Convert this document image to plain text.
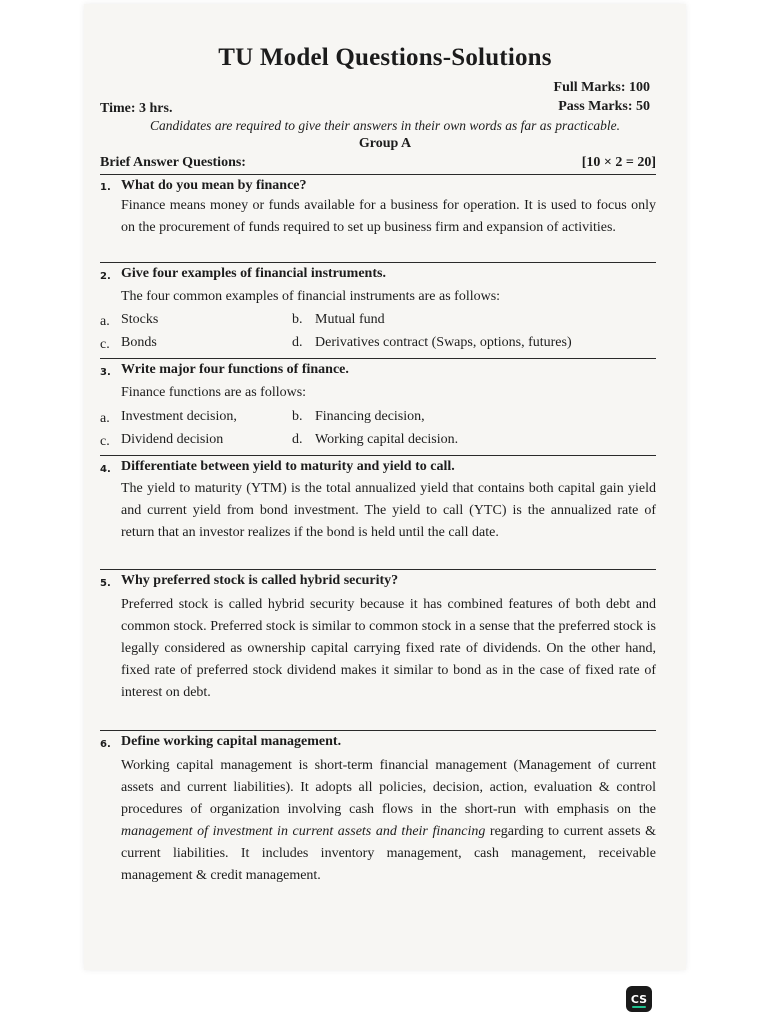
TU Model Questions-Solutions
Full Marks: 100
Time: 3 hrs.	Pass Marks: 50
Candidates are required to give their answers in their own words as far as practicable.
Group A
Brief Answer Questions:	[10 × 2 = 20]
1. What do you mean by finance?
Finance means money or funds available for a business for operation. It is used to focus only on the procurement of funds required to set up business firm and expansion of activities.
2. Give four examples of financial instruments.
The four common examples of financial instruments are as follows:
a. Stocks	b. Mutual fund
c. Bonds	d. Derivatives contract (Swaps, options, futures)
3. Write major four functions of finance.
Finance functions are as follows:
a. Investment decision,	b. Financing decision,
c. Dividend decision	d. Working capital decision.
4. Differentiate between yield to maturity and yield to call.
The yield to maturity (YTM) is the total annualized yield that contains both capital gain yield and current yield from bond investment. The yield to call (YTC) is the annualized rate of return that an investor realizes if the bond is held until the call date.
5. Why preferred stock is called hybrid security?
Preferred stock is called hybrid security because it has combined features of both debt and common stock. Preferred stock is similar to common stock in a sense that the preferred stock is legally considered as ownership capital carrying fixed rate of dividends. On the other hand, fixed rate of preferred stock dividend makes it similar to bond as in the case of fixed rate of interest on debt.
6. Define working capital management.
Working capital management is short-term financial management (Management of current assets and current liabilities). It adopts all policies, decision, action, evaluation & control procedures of organization involving cash flows in the short-run with emphasis on the management of investment in current assets and their financing regarding to current assets & current liabilities. It includes inventory management, cash management, receivable management & credit management.
CS
